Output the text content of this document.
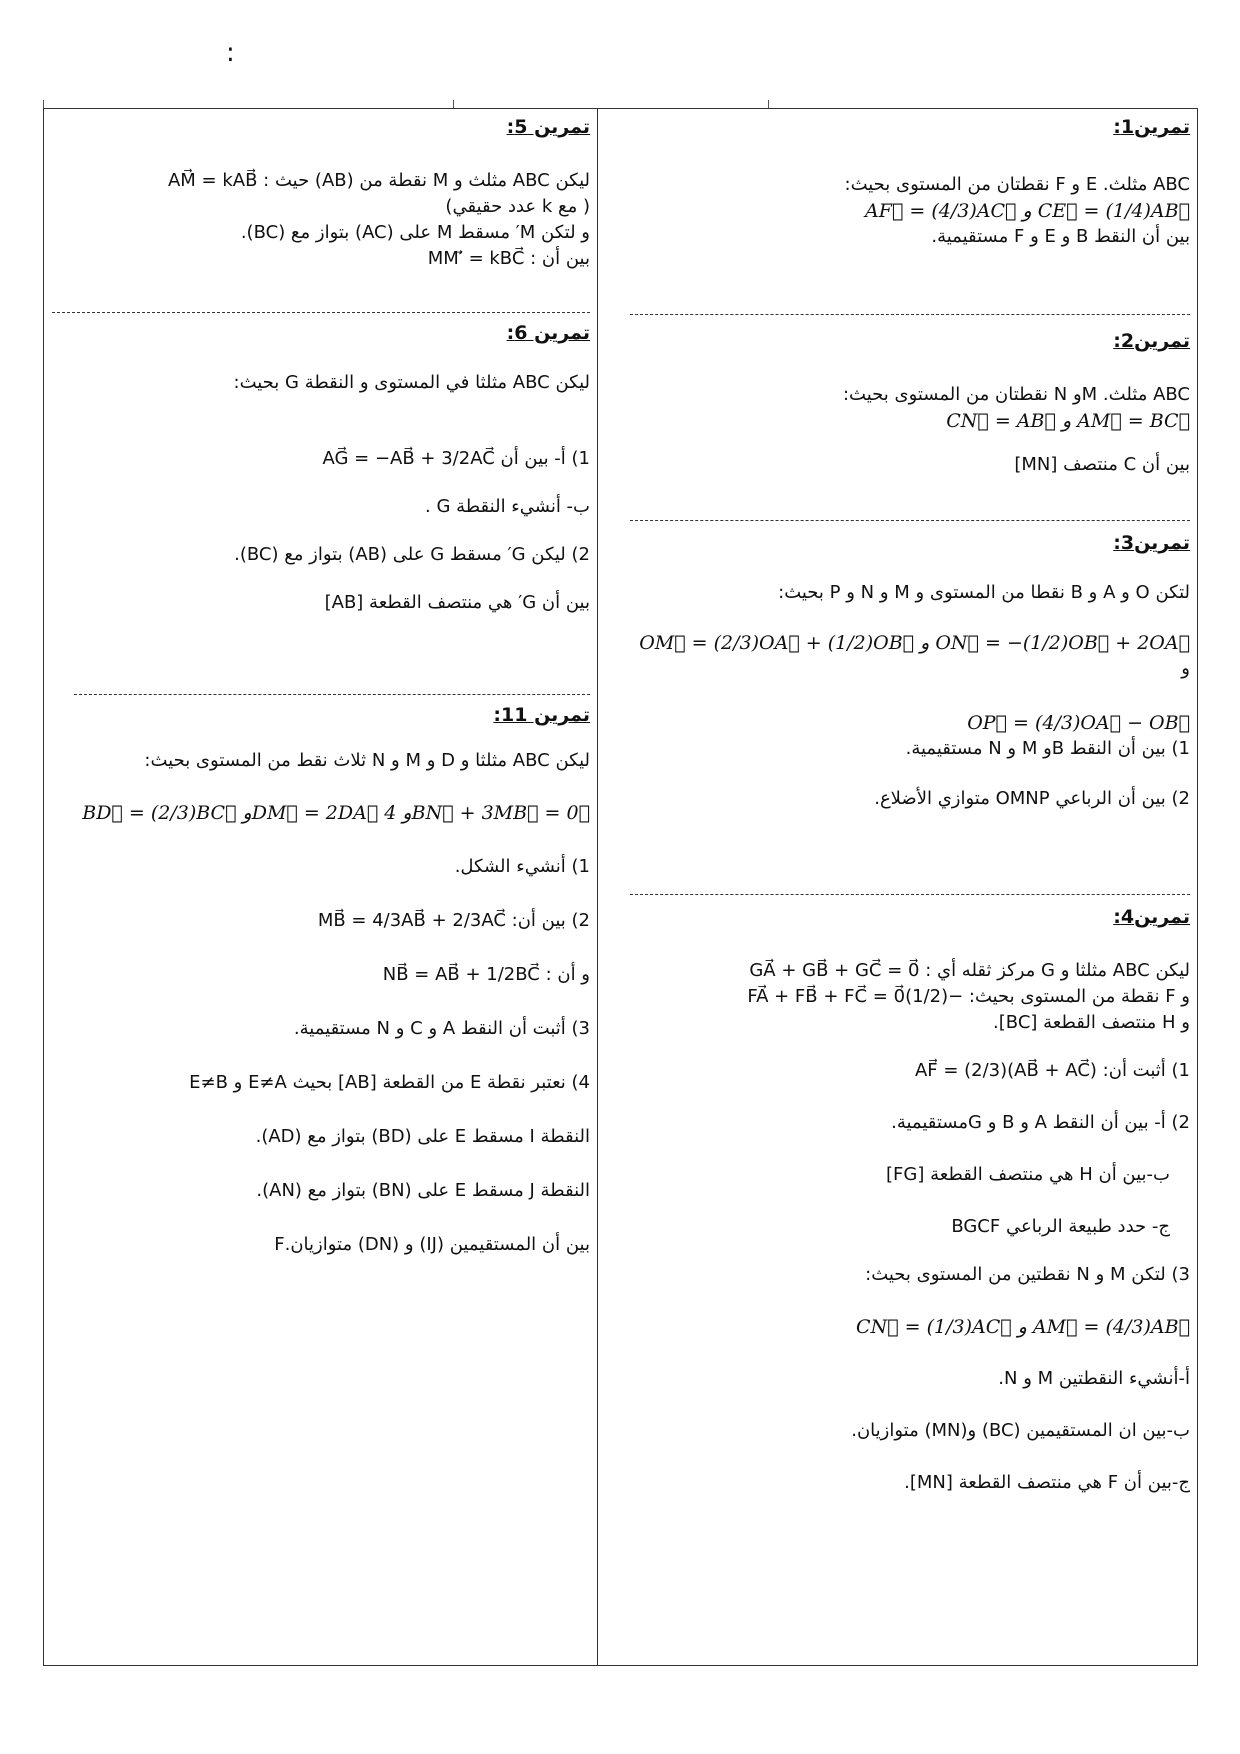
:
تمرين1:
ABC مثلث. E و F نقطتان من المستوى بحيث:
AF⃗ = (4/3)AC⃗ و CE⃗ = (1/4)AB⃗
بين أن النقط B و E و F مستقيمية.
تمرين2:
ABC مثلث. Mو N نقطتان من المستوى بحيث:
CN⃗ = AB⃗ و AM⃗ = BC⃗
بين أن C منتصف [MN]
تمرين3:
لتكن O و A و B نقطا من المستوى و M و N و P بحيث:
OM⃗ = (2/3)OA⃗ + (1/2)OB⃗ و ON⃗ = −(1/2)OB⃗ + 2OA⃗
و
OP⃗ = (4/3)OA⃗ − OB⃗
1) بين أن النقط Bو M و N مستقيمية.
2) بين أن الرباعي OMNP متوازي الأضلاع.
تمرين4:
ليكن ABC مثلثا و G مركز ثقله أي : GA⃗ + GB⃗ + GC⃗ = 0⃗
و F نقطة من المستوى بحيث: −(1/2)FA⃗ + FB⃗ + FC⃗ = 0⃗
و H منتصف القطعة [BC].
1) أثبت أن: AF⃗ = (2/3)(AB⃗ + AC⃗)
2) أ- بين أن النقط A و B و Gمستقيمية.
ب-بين أن H هي منتصف القطعة [FG]
ج- حدد طبيعة الرباعي BGCF
3) لتكن M و N نقطتين من المستوى بحيث:
CN⃗ = (1/3)AC⃗ و AM⃗ = (4/3)AB⃗
أ-أنشيء النقطتين M و N.
ب-بين ان المستقيمين (BC) و(MN) متوازيان.
ج-بين أن F هي منتصف القطعة [MN].
تمرين 5:
ليكن ABC مثلث و M نقطة من (AB) حيث : AM⃗ = kAB⃗
( مع k عدد حقيقي)
و لتكن M′ مسقط M على (AC) بتواز مع (BC).
بين أن : MM′⃗ = kBC⃗
تمرين 6:
ليكن ABC مثلثا في المستوى و النقطة G بحيث:
1) أ- بين أن AG⃗ = −AB⃗ + 3/2AC⃗
ب- أنشيء النقطة G .
2) ليكن G′ مسقط G على (AB) بتواز مع (BC).
بين أن G′ هي منتصف القطعة [AB]
تمرين 11:
ليكن ABC مثلثا و D و M و N ثلاث نقط من المستوى بحيث:
BD⃗ = (2/3)BC⃗ وDM⃗ = 2DA⃗ و 4BN⃗ + 3MB⃗ = 0⃗
1) أنشيء الشكل.
2) بين أن: MB⃗ = 4/3AB⃗ + 2/3AC⃗
و أن : NB⃗ = AB⃗ + 1/2BC⃗
3) أثبت أن النقط A و C و N مستقيمية.
4) نعتبر نقطة E من القطعة [AB] بحيث E≠A و E≠B
النقطة I مسقط E على (BD) بتواز مع (AD).
النقطة J مسقط E على (BN) بتواز مع (AN).
بين أن المستقيمين (IJ) و (DN) متوازيان.F
